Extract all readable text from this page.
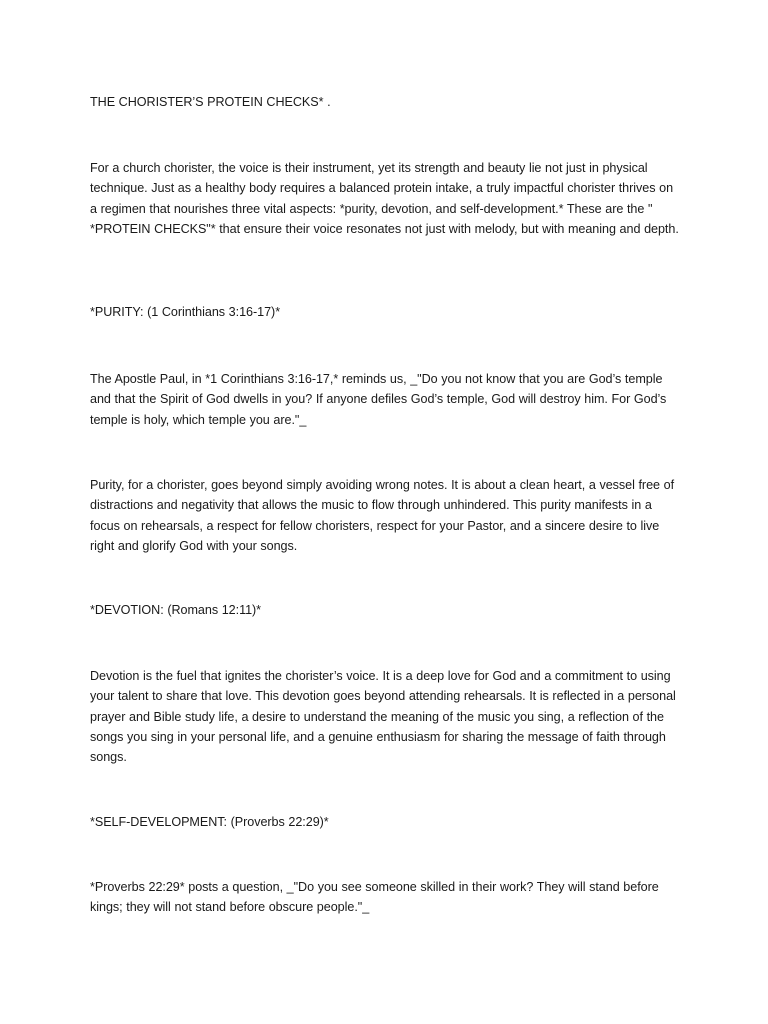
THE CHORISTER’S PROTEIN CHECKS* .

For a church chorister, the voice is their instrument, yet its strength and beauty lie not just in physical technique. Just as a healthy body requires a balanced protein intake, a truly impactful chorister thrives on a regimen that nourishes three vital aspects: *purity, devotion, and self-development.* These are the " *PROTEIN CHECKS"* that ensure their voice resonates not just with melody, but with meaning and depth.

*PURITY: (1 Corinthians 3:16-17)*

The Apostle Paul, in *1 Corinthians 3:16-17,* reminds us, _"Do you not know that you are God’s temple and that the Spirit of God dwells in you? If anyone defiles God’s temple, God will destroy him. For God’s temple is holy, which temple you are."_

Purity, for a chorister, goes beyond simply avoiding wrong notes. It is about a clean heart, a vessel free of distractions and negativity that allows the music to flow through unhindered. This purity manifests in a focus on rehearsals, a respect for fellow choristers, respect for your Pastor, and a sincere desire to live right and glorify God with your songs.

*DEVOTION: (Romans 12:11)*

Devotion is the fuel that ignites the chorister’s voice. It is a deep love for God and a commitment to using your talent to share that love. This devotion goes beyond attending rehearsals. It is reflected in a personal prayer and Bible study life, a desire to understand the meaning of the music you sing, a reflection of the songs you sing in your personal life, and a genuine enthusiasm for sharing the message of faith through songs.

*SELF-DEVELOPMENT: (Proverbs 22:29)*

*Proverbs 22:29* posts a question, _"Do you see someone skilled in their work? They will stand before kings; they will not stand before obscure people."_
